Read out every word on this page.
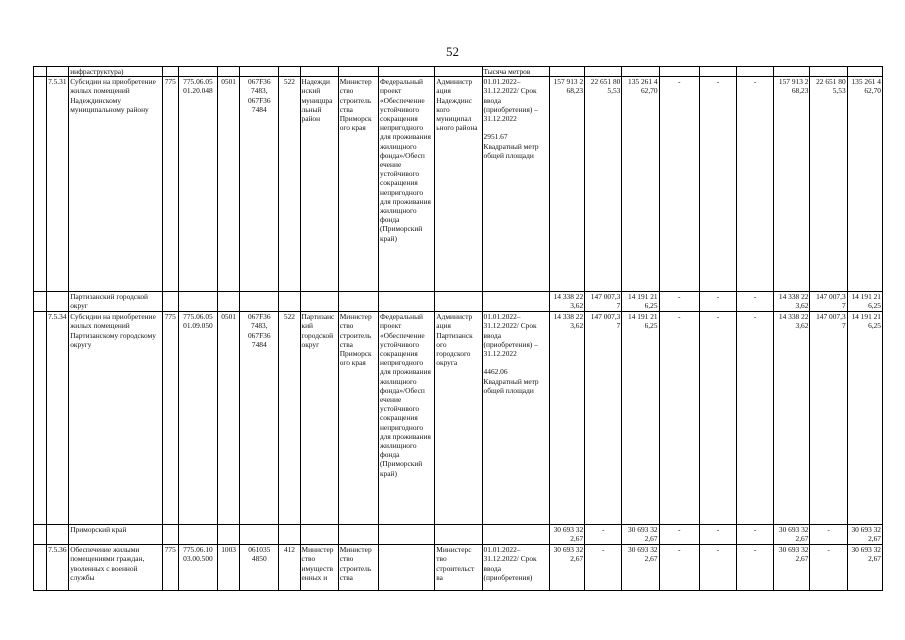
52
		инфраструктура)										Тысяча метров									
	7.5.31	Субсидии на приобретение жилых помещений Надеждинскому муниципальному району	775	775.06.05
01.20.048	0501	067F36
7483,
067F36
7484	522	Надежди нский муницupa льный район	Министер ство строитель ства Приморск ого края	Федеральный проект «Обеспечение устойчивого сокращения непригодного для проживания жилищного фонда»/Обесп ечение устойчивого сокращения непригодного для проживания жилищного фонда (Приморский край)	Администр ация Надеждинс кого муниципал ьного района	01.01.2022–
31.12.2022/ Срок ввода (приобретения) – 31.12.2022

2951.67
Квадратный метр общей площади	157 913 2
68,23	22 651 80
5,53	135 261 4
62,70	-	-	-	157 913 2
68,23	22 651 80
5,53	135 261 4
62,70
		Партизанский городской округ											14 338 22
3,62	147 007,3
7	14 191 21
6,25	-	-	-	14 338 22
3,62	147 007,3
7	14 191 21
6,25
	7.5.34	Субсидии на приобретение жилых помещений Партизанскому городскому округу	775	775.06.05
01.09.050	0501	067F36
7483,
067F36
7484	522	Партизанс кий городской округ	Министер ство строитель ства Приморск ого края	Федеральный проект «Обеспечение устойчивого сокращения непригодного для проживания жилищного фонда»/Обесп ечение устойчивого сокращения непригодного для проживания жилищного фонда (Приморский край)	Администр ация Партизанск ого городского округа	01.01.2022–
31.12.2022/ Срок ввода (приобретения) – 31.12.2022

4462.06
Квадратный метр общей площади	14 338 22
3,62	147 007,3
7	14 191 21
6,25	-	-	-	14 338 22
3,62	147 007,3
7	14 191 21
6,25
		Приморский край											30 693 32
2,67	-	30 693 32
2,67	-	-	-	30 693 32
2,67	-	30 693 32
2,67
	7.5.36	Обеспечение жилыми помещениями граждан, уволенных с военной службы	775	775.06.10
03.00.500	1003	061035
4850	412	Министер ство имуществ енных и	Министер ство строитель ства		Министерс тво строительст ва	01.01.2022–
31.12.2022/ Срок ввода (приобретения)	30 693 32
2,67	-	30 693 32
2,67	-	-	-	30 693 32
2,67	-	30 693 32
2,67
